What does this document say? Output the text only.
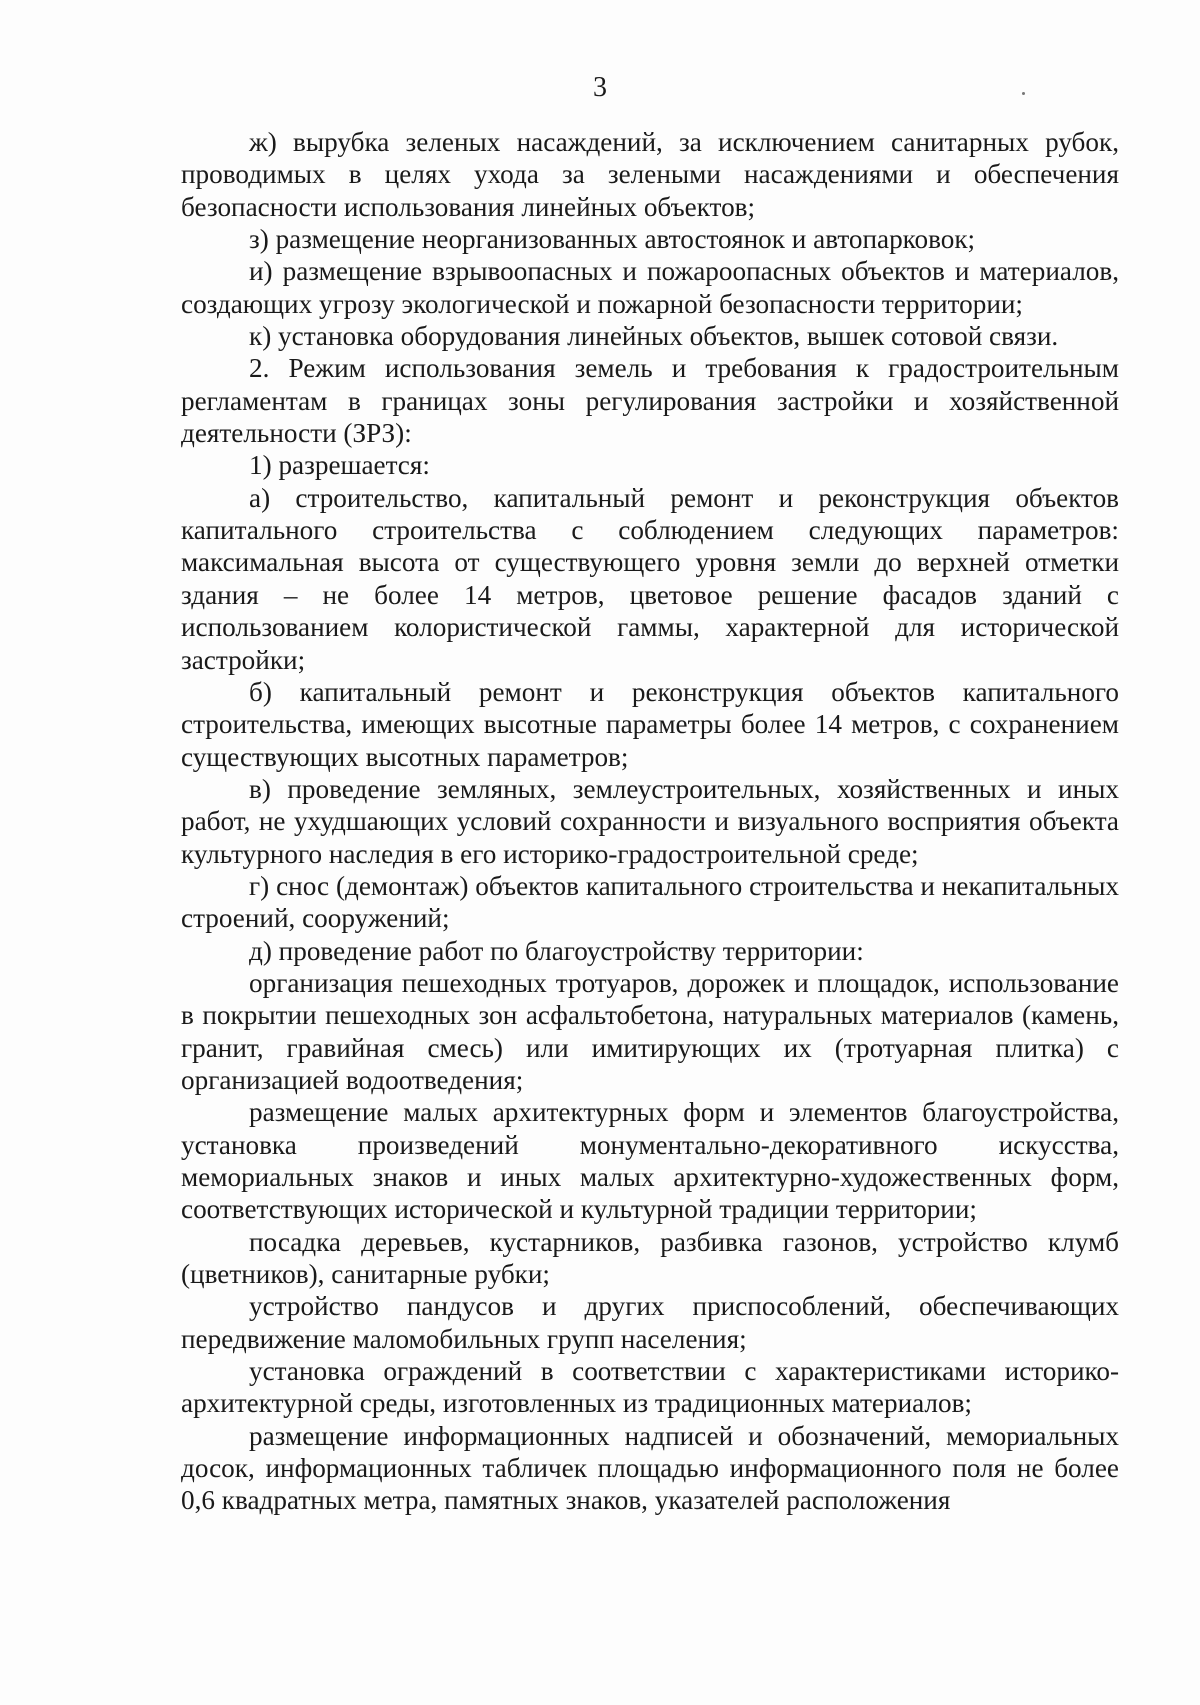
3

ж) вырубка зеленых насаждений, за исключением санитарных рубок, проводимых в целях ухода за зелеными насаждениями и обеспечения безопасности использования линейных объектов;

з) размещение неорганизованных автостоянок и автопарковок;

и) размещение взрывоопасных и пожароопасных объектов и материалов, создающих угрозу экологической и пожарной безопасности территории;

к) установка оборудования линейных объектов, вышек сотовой связи.

2. Режим использования земель и требования к градостроительным регламентам в границах зоны регулирования застройки и хозяйственной деятельности (ЗРЗ):

1) разрешается:

а) строительство, капитальный ремонт и реконструкция объектов капитального строительства с соблюдением следующих параметров: максимальная высота от существующего уровня земли до верхней отметки здания – не более 14 метров, цветовое решение фасадов зданий с использованием колористической гаммы, характерной для исторической застройки;

б) капитальный ремонт и реконструкция объектов капитального строительства, имеющих высотные параметры более 14 метров, с сохранением существующих высотных параметров;

в) проведение земляных, землеустроительных, хозяйственных и иных работ, не ухудшающих условий сохранности и визуального восприятия объекта культурного наследия в его историко-градостроительной среде;

г) снос (демонтаж) объектов капитального строительства и некапитальных строений, сооружений;

д) проведение работ по благоустройству территории:

организация пешеходных тротуаров, дорожек и площадок, использование в покрытии пешеходных зон асфальтобетона, натуральных материалов (камень, гранит, гравийная смесь) или имитирующих их (тротуарная плитка) с организацией водоотведения;

размещение малых архитектурных форм и элементов благоустройства, установка произведений монументально-декоративного искусства, мемориальных знаков и иных малых архитектурно-художественных форм, соответствующих исторической и культурной традиции территории;

посадка деревьев, кустарников, разбивка газонов, устройство клумб (цветников), санитарные рубки;

устройство пандусов и других приспособлений, обеспечивающих передвижение маломобильных групп населения;

установка ограждений в соответствии с характеристиками историко-архитектурной среды, изготовленных из традиционных материалов;

размещение информационных надписей и обозначений, мемориальных досок, информационных табличек площадью информационного поля не более 0,6 квадратных метра, памятных знаков, указателей расположения
